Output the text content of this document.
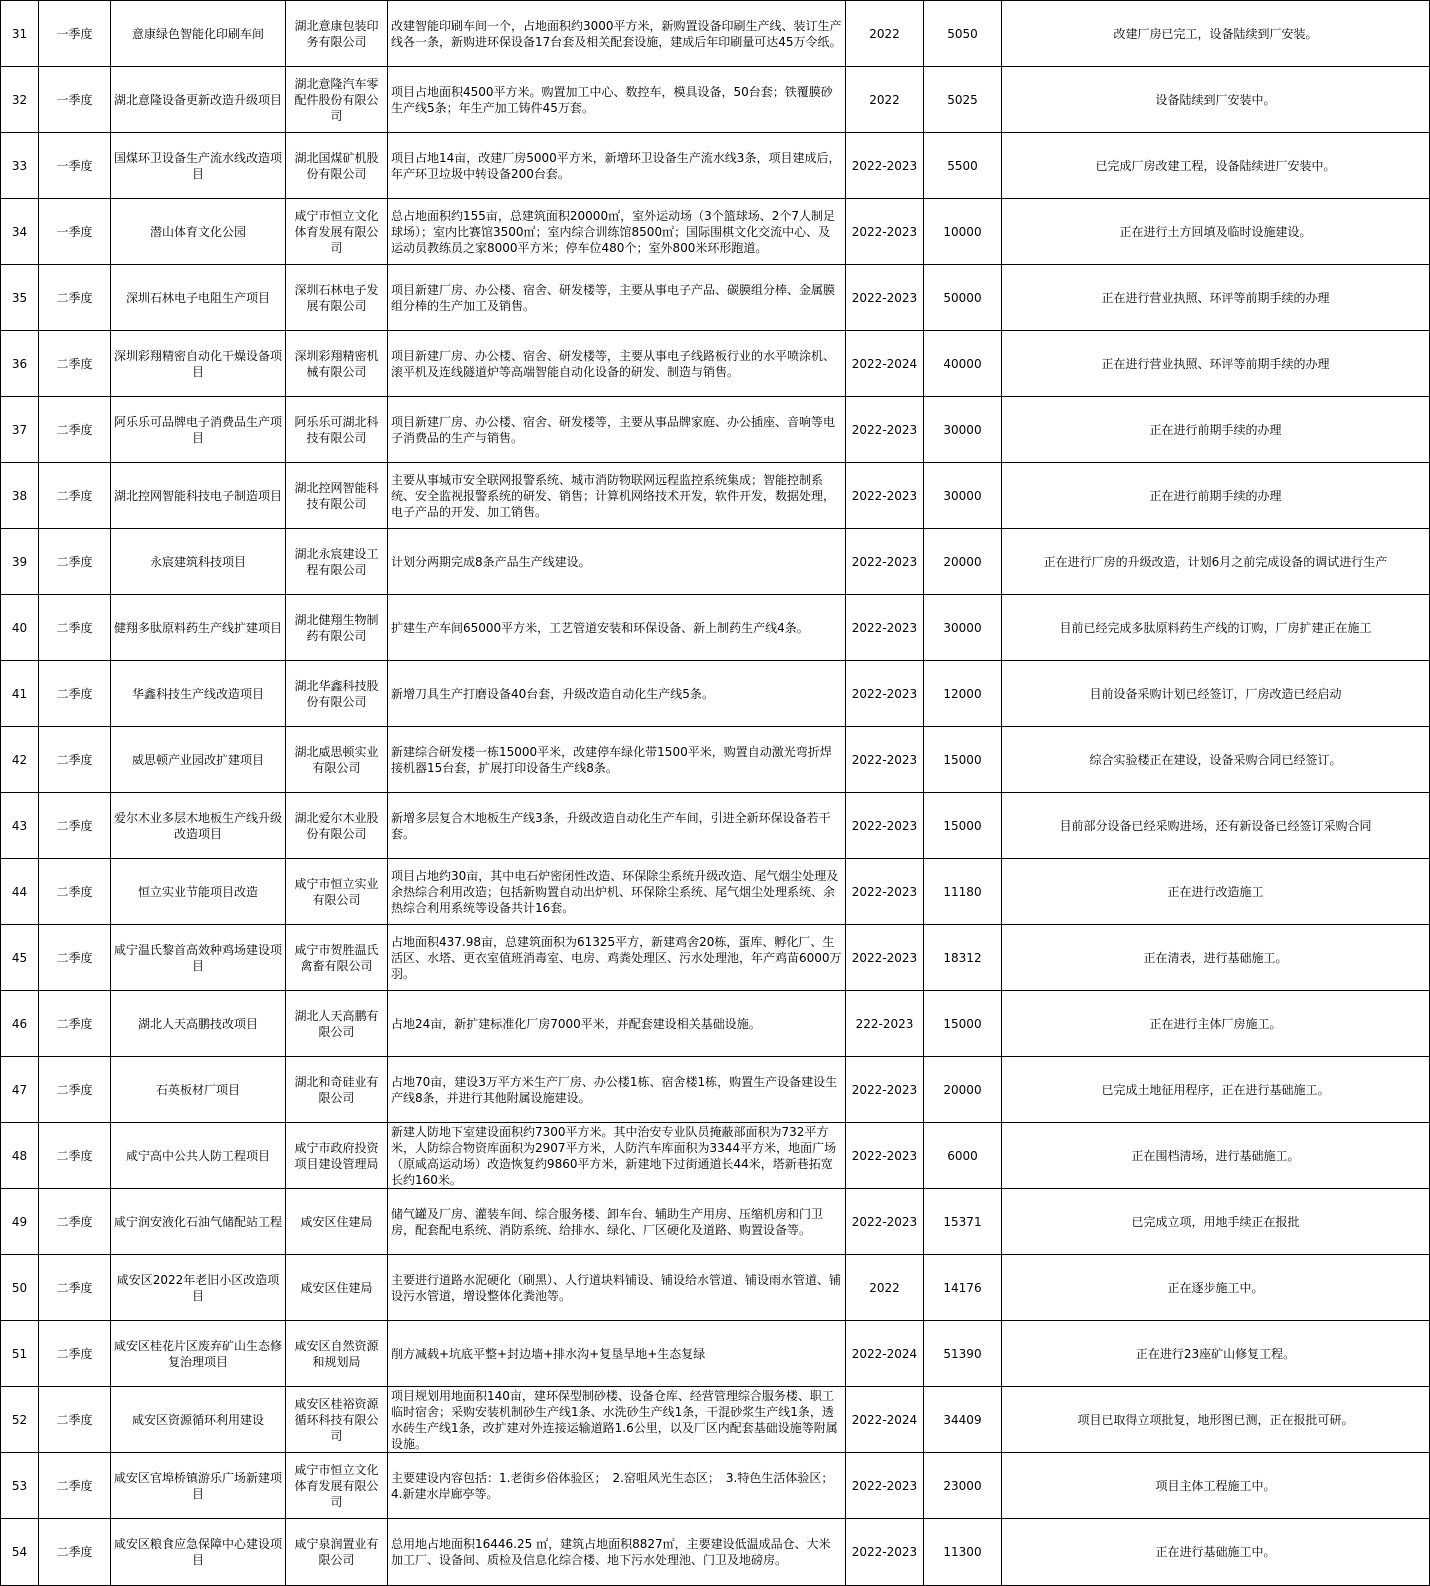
31	一季度	意康绿色智能化印刷车间	湖北意康包装印务有限公司	改建智能印刷车间一个，占地面积约3000平方米，新购置设备印刷生产线、装订生产线各一条，新购进环保设备17台套及相关配套设施，建成后年印刷量可达45万令纸。	2022	5050	改建厂房已完工，设备陆续到厂安装。
32	一季度	湖北意隆设备更新改造升级项目	湖北意隆汽车零配件股份有限公司	项目占地面积4500平方米。购置加工中心、数控车，模具设备，50台套；铁覆膜砂生产线5条；年生产加工铸件45万套。	2022	5025	设备陆续到厂安装中。
33	一季度	国煤环卫设备生产流水线改造项目	湖北国煤矿机股份有限公司	项目占地14亩，改建厂房5000平方米，新增环卫设备生产流水线3条，项目建成后，年产环卫垃圾中转设备200台套。	2022-2023	5500	已完成厂房改建工程，设备陆续进厂安装中。
34	一季度	潜山体育文化公园	咸宁市恒立文化体育发展有限公司	总占地面积约155亩，总建筑面积20000㎡，室外运动场（3个篮球场、2个7人制足球场）；室内比赛馆3500㎡；室内综合训练馆8500㎡；国际围棋文化交流中心、及运动员教练员之家8000平方米；停车位480个；室外800米环形跑道。	2022-2023	10000	正在进行土方回填及临时设施建设。
35	二季度	深圳石林电子电阻生产项目	深圳石林电子发展有限公司	项目新建厂房、办公楼、宿舍、研发楼等，主要从事电子产品、碳膜组分棒、金属膜组分棒的生产加工及销售。	2022-2023	50000	正在进行营业执照、环评等前期手续的办理
36	二季度	深圳彩翔精密自动化干燥设备项目	深圳彩翔精密机械有限公司	项目新建厂房、办公楼、宿舍、研发楼等，主要从事电子线路板行业的水平喷涂机、滚平机及连线隧道炉等高端智能自动化设备的研发、制造与销售。	2022-2024	40000	正在进行营业执照、环评等前期手续的办理
37	二季度	阿乐乐可品牌电子消费品生产项目	阿乐乐可湖北科技有限公司	项目新建厂房、办公楼、宿舍、研发楼等，主要从事品牌家庭、办公插座、音响等电子消费品的生产与销售。	2022-2023	30000	正在进行前期手续的办理
38	二季度	湖北控网智能科技电子制造项目	湖北控网智能科技有限公司	主要从事城市安全联网报警系统、城市消防物联网远程监控系统集成；智能控制系统、安全监视报警系统的研发、销售；计算机网络技术开发，软件开发，数据处理，电子产品的开发、加工销售。	2022-2023	30000	正在进行前期手续的办理
39	二季度	永宸建筑科技项目	湖北永宸建设工程有限公司	计划分两期完成8条产品生产线建设。	2022-2023	20000	正在进行厂房的升级改造，计划6月之前完成设备的调试进行生产
40	二季度	健翔多肽原料药生产线扩建项目	湖北健翔生物制药有限公司	扩建生产车间65000平方米，工艺管道安装和环保设备、新上制药生产线4条。	2022-2023	30000	目前已经完成多肽原料药生产线的订购，厂房扩建正在施工
41	二季度	华鑫科技生产线改造项目	湖北华鑫科技股份有限公司	新增刀具生产打磨设备40台套，升级改造自动化生产线5条。	2022-2023	12000	目前设备采购计划已经签订，厂房改造已经启动
42	二季度	威思顿产业园改扩建项目	湖北威思顿实业有限公司	新建综合研发楼一栋15000平米，改建停车绿化带1500平米，购置自动激光弯折焊接机器15台套，扩展打印设备生产线8条。	2022-2023	15000	综合实验楼正在建设，设备采购合同已经签订。
43	二季度	爱尔木业多层木地板生产线升级改造项目	湖北爱尔木业股份有限公司	新增多层复合木地板生产线3条，升级改造自动化生产车间，引进全新环保设备若干套。	2022-2023	15000	目前部分设备已经采购进场，还有新设备已经签订采购合同
44	二季度	恒立实业节能项目改造	咸宁市恒立实业有限公司	项目占地约30亩，其中电石炉密闭性改造、环保除尘系统升级改造、尾气烟尘处理及余热综合利用改造；包括新购置自动出炉机、环保除尘系统、尾气烟尘处理系统、余热综合利用系统等设备共计16套。	2022-2023	11180	正在进行改造施工
45	二季度	咸宁温氏黎首高效种鸡场建设项目	咸宁市贺胜温氏禽畜有限公司	占地面积437.98亩，总建筑面积为61325平方，新建鸡舍20栋，蛋库、孵化厂、生活区、水塔、更衣室值班消毒室、电房、鸡粪处理区、污水处理池，年产鸡苗6000万羽。	2022-2023	18312	正在清表，进行基础施工。
46	二季度	湖北人天高鹏技改项目	湖北人天高鹏有限公司	占地24亩，新扩建标准化厂房7000平米，并配套建设相关基础设施。	222-2023	15000	正在进行主体厂房施工。
47	二季度	石英板材厂项目	湖北和奇硅业有限公司	占地70亩，建设3万平方米生产厂房、办公楼1栋、宿舍楼1栋，购置生产设备建设生产线8条，并进行其他附属设施建设。	2022-2023	20000	已完成土地征用程序，正在进行基础施工。
48	二季度	咸宁高中公共人防工程项目	咸宁市政府投资项目建设管理局	新建人防地下室建设面积约7300平方米。其中治安专业队员掩蔽部面积为732平方米，人防综合物资库面积为2907平方米，人防汽车库面积为3344平方米，地面广场（原咸高运动场）改造恢复约9860平方米，新建地下过街通道长44米，塔新巷拓宽长约160米。	2022-2023	6000	正在围档清场，进行基础施工。
49	二季度	咸宁润安液化石油气储配站工程	咸安区住建局	储气罐及厂房、灌装车间、综合服务楼、卸车台、辅助生产用房、压缩机房和门卫房，配套配电系统、消防系统、给排水、绿化、厂区硬化及道路、购置设备等。	2022-2023	15371	已完成立项，用地手续正在报批
50	二季度	咸安区2022年老旧小区改造项目	咸安区住建局	主要进行道路水泥硬化（刷黑）、人行道块料铺设、铺设给水管道、铺设雨水管道、铺设污水管道，增设整体化粪池等。	2022	14176	正在逐步施工中。
51	二季度	咸安区桂花片区废弃矿山生态修复治理项目	咸安区自然资源和规划局	削方减载+坑底平整+封边墙+排水沟+复垦旱地+生态复绿	2022-2024	51390	正在进行23座矿山修复工程。
52	二季度	咸安区资源循环利用建设	咸安区桂裕资源循环科技有限公司	项目规划用地面积140亩，建环保型制砂楼、设备仓库、经营管理综合服务楼、职工临时宿舍；采购安装机制砂生产线1条、水洗砂生产线1条，干混砂浆生产线1条，透水砖生产线1条，改扩建对外连接运输道路1.6公里，以及厂区内配套基础设施等附属设施。	2022-2024	34409	项目已取得立项批复，地形图已测，正在报批可研。
53	二季度	咸安区官埠桥镇游乐广场新建项目	咸宁市恒立文化体育发展有限公司	主要建设内容包括：1.老街乡俗体验区；　2.窑咀风光生态区；　3.特色生活体验区；4.新建水岸廊亭等。	2022-2023	23000	项目主体工程施工中。
54	二季度	咸安区粮食应急保障中心建设项目	咸宁泉润置业有限公司	总用地占地面积16446.25 ㎡，建筑占地面积8827㎡，主要建设低温成品仓、大米加工厂、设备间、质检及信息化综合楼、地下污水处理池、门卫及地磅房。	2022-2023	11300	正在进行基础施工中。
